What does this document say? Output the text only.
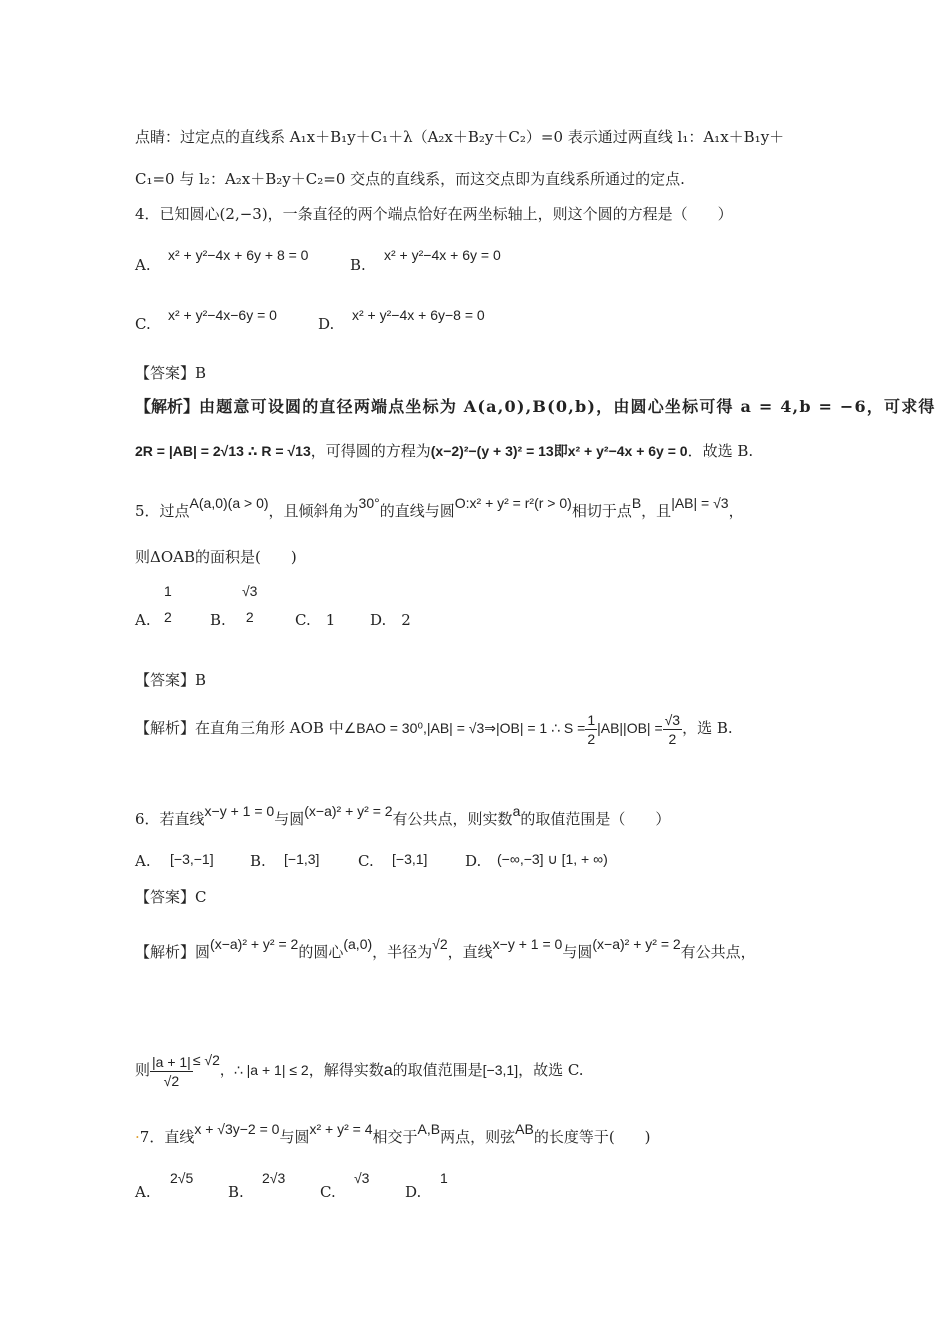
点睛：过定点的直线系 A₁x＋B₁y＋C₁＋λ（A₂x＋B₂y＋C₂）=0 表示通过两直线 l₁：A₁x＋B₁y＋
C₁=0 与 l₂：A₂x＋B₂y＋C₂=0 交点的直线系，而这交点即为直线系所通过的定点.
4．已知圆心(2,−3)，一条直径的两个端点恰好在两坐标轴上，则这个圆的方程是（　　）
A.
x² + y²−4x + 6y + 8 = 0
B.
x² + y²−4x + 6y = 0
C. x² + y²−4x−6y = 0	D. x² + y²−4x + 6y−8 = 0
【答案】B
【解析】由题意可设圆的直径两端点坐标为 A(a,0),B(0,b)，由圆心坐标可得 a = 4,b = −6，可求得
2R = |AB| = 2√13 ∴ R = √13，可得圆的方程为(x−2)²−(y + 3)² = 13即x² + y²−4x + 6y = 0．故选 B.
5．过点A(a,0)(a > 0)，且倾斜角为30°的直线与圆O:x² + y² = r²(r > 0)相切于点B，且|AB| = √3，
则ΔOAB的面积是(　　)
A.
1
2	B.
√3
2	C.　1 D.　2
【答案】B
【解析】在直角三角形 AOB 中∠BAO = 30⁰,|AB| = √3⇒|OB| = 1 ∴ $S = \frac{1}{2} |AB||OB| = \frac{√3}{2}$ ，选 B.
6．若直线x−y + 1 = 0与圆(x−a)² + y² = 2有公共点，则实数a的取值范围是（　　）
A. [−3,−1] B. [−1,3]	C. [−3,1]	D. (−∞,−3] ∪ [1, + ∞)
【答案】C
【解析】圆(x−a)² + y² = 2的圆心(a,0)，半径为√2，直线x−y + 1 = 0与圆(x−a)² + y² = 2有公共点，
则 $\frac{|a + 1|}{√2} \le √2$，∴ |a + 1| ≤ 2，解得实数a的取值范围是[−3,1]，故选 C.
·7．直线x + √3y−2 = 0与圆x² + y² = 4相交于A,B两点，则弦AB的长度等于(　　)
A.
2√5
B.
2√3
C.
√3
D.
1
